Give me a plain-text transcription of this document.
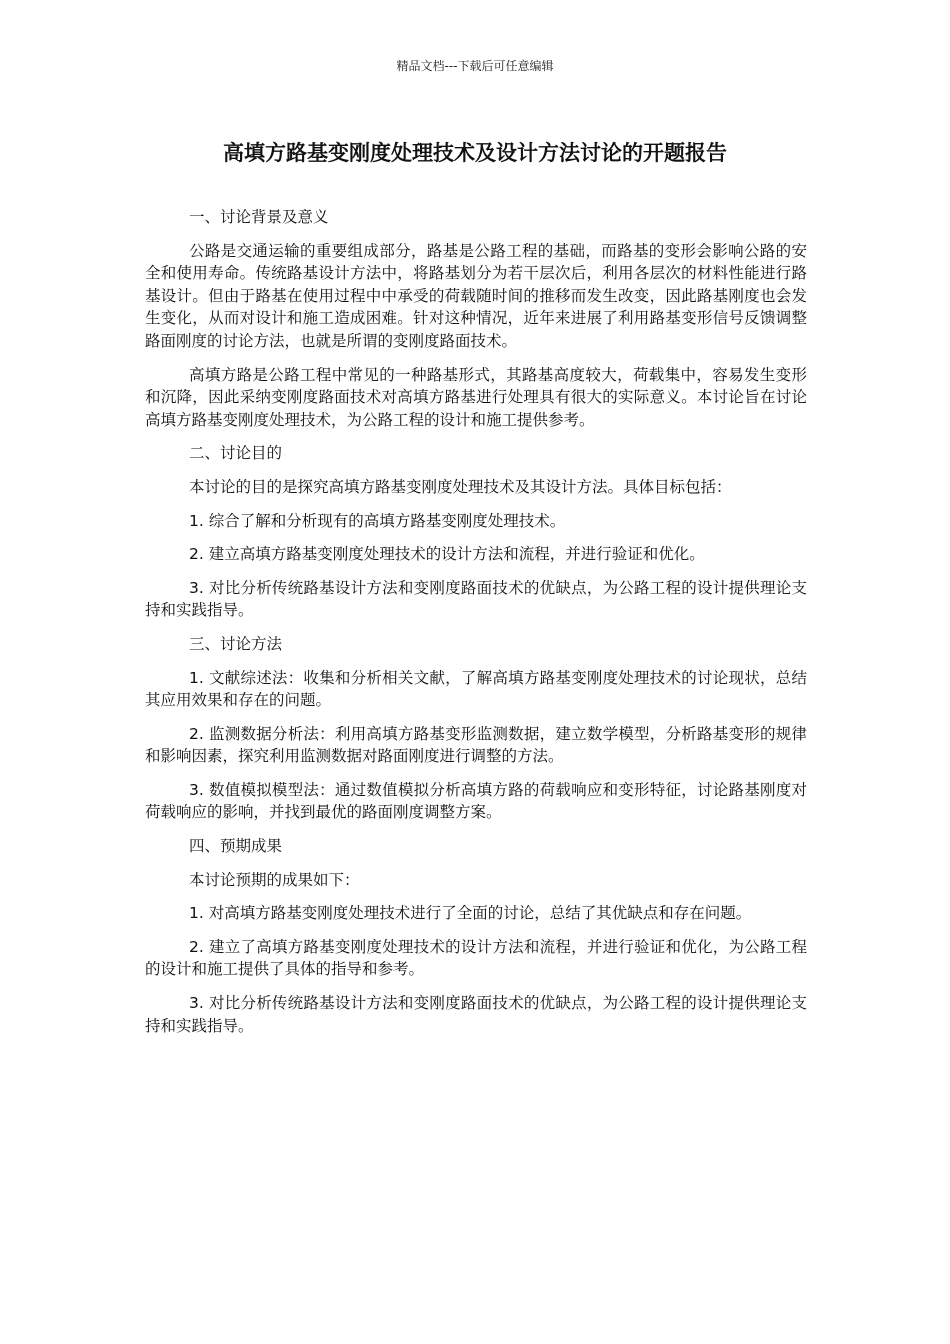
精品文档---下载后可任意编辑
高填方路基变刚度处理技术及设计方法讨论的开题报告

一、讨论背景及意义

公路是交通运输的重要组成部分，路基是公路工程的基础，而路基的变形会影响公路的安全和使用寿命。传统路基设计方法中，将路基划分为若干层次后，利用各层次的材料性能进行路基设计。但由于路基在使用过程中中承受的荷载随时间的推移而发生改变，因此路基刚度也会发生变化，从而对设计和施工造成困难。针对这种情况，近年来进展了利用路基变形信号反馈调整路面刚度的讨论方法，也就是所谓的变刚度路面技术。

高填方路是公路工程中常见的一种路基形式，其路基高度较大，荷载集中，容易发生变形和沉降，因此采纳变刚度路面技术对高填方路基进行处理具有很大的实际意义。本讨论旨在讨论高填方路基变刚度处理技术，为公路工程的设计和施工提供参考。

二、讨论目的

本讨论的目的是探究高填方路基变刚度处理技术及其设计方法。具体目标包括：

1. 综合了解和分析现有的高填方路基变刚度处理技术。

2. 建立高填方路基变刚度处理技术的设计方法和流程，并进行验证和优化。

3. 对比分析传统路基设计方法和变刚度路面技术的优缺点，为公路工程的设计提供理论支持和实践指导。

三、讨论方法

1. 文献综述法：收集和分析相关文献，了解高填方路基变刚度处理技术的讨论现状，总结其应用效果和存在的问题。

2. 监测数据分析法：利用高填方路基变形监测数据，建立数学模型，分析路基变形的规律和影响因素，探究利用监测数据对路面刚度进行调整的方法。

3. 数值模拟模型法：通过数值模拟分析高填方路的荷载响应和变形特征，讨论路基刚度对荷载响应的影响，并找到最优的路面刚度调整方案。

四、预期成果

本讨论预期的成果如下：

1. 对高填方路基变刚度处理技术进行了全面的讨论，总结了其优缺点和存在问题。

2. 建立了高填方路基变刚度处理技术的设计方法和流程，并进行验证和优化，为公路工程的设计和施工提供了具体的指导和参考。

3. 对比分析传统路基设计方法和变刚度路面技术的优缺点，为公路工程的设计提供理论支持和实践指导。
